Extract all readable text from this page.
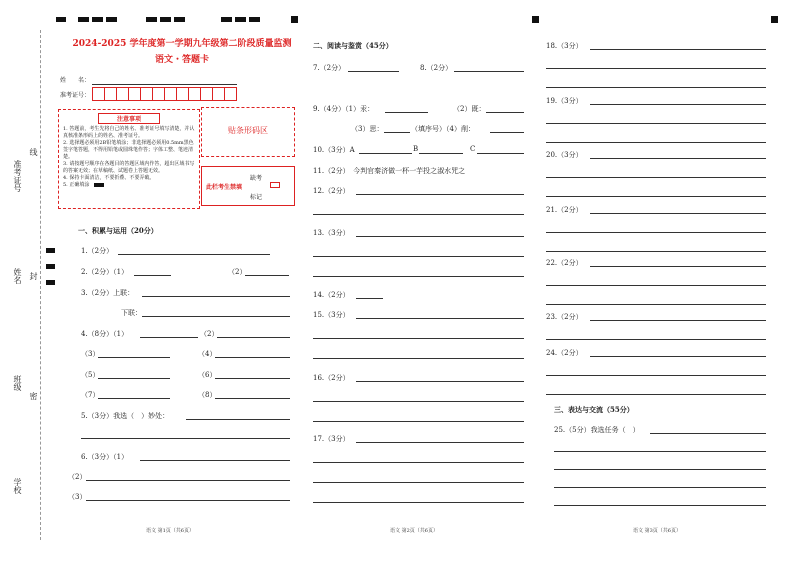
准考证号
线
姓名 封
班级
密
学校
2024-2025 学年度第一学期九年级第二阶段质量监测
语文・答题卡
姓　　名：
准考证号：
注意事项
1. 答题前，考生先将自己的姓名、准考证号填写清楚，并认真核准条形码上的姓名、准考证号。
2. 选择题必须用2B铅笔填涂；非选择题必须用0.5mm黑色签字笔答题，不得用铅笔或圆珠笔作答；字体工整、笔迹清楚。
3. 请按题号顺序在各题目的答题区域内作答，超出区域书写的答案无效；在草稿纸、试题卷上答题无效。
4. 保持卡面清洁，不要折叠、不要弄破。
5. 正确填涂
贴条形码区
此栏考生禁填
缺考
标记
一、积累与运用（20分）
1.（2分）
2.（2分）（1）	（2）
3.（2分）上联：
下联：
4.（8分）（1）	（2）
（3）	（4）
（5）	（6）
（7）	（8）
5.（3分）我选（　）妙处：
6.（3分）（1）
（2）
（3）
语文 第1页（共6页）
二、阅读与鉴赏（45分）
7.（2分）	8.（2分）
9.（4分）（1）汞：	（2）既：
（3）思：	（填序号）（4）削：
10.（3分）A	B	C
11.（2分）　今判官秦济做一杯一芋投之淑水咒之
12.（2分）
13.（3分）
14.（2分）
15.（3分）
16.（2分）
17.（3分）
语文 第2页（共6页）
18.（3分）
19.（3分）
20.（3分）
21.（2分）
22.（2分）
23.（2分）
24.（2分）
三、表达与交流（55分）
25.（5分）我选任务（　）
语文 第3页（共6页）
